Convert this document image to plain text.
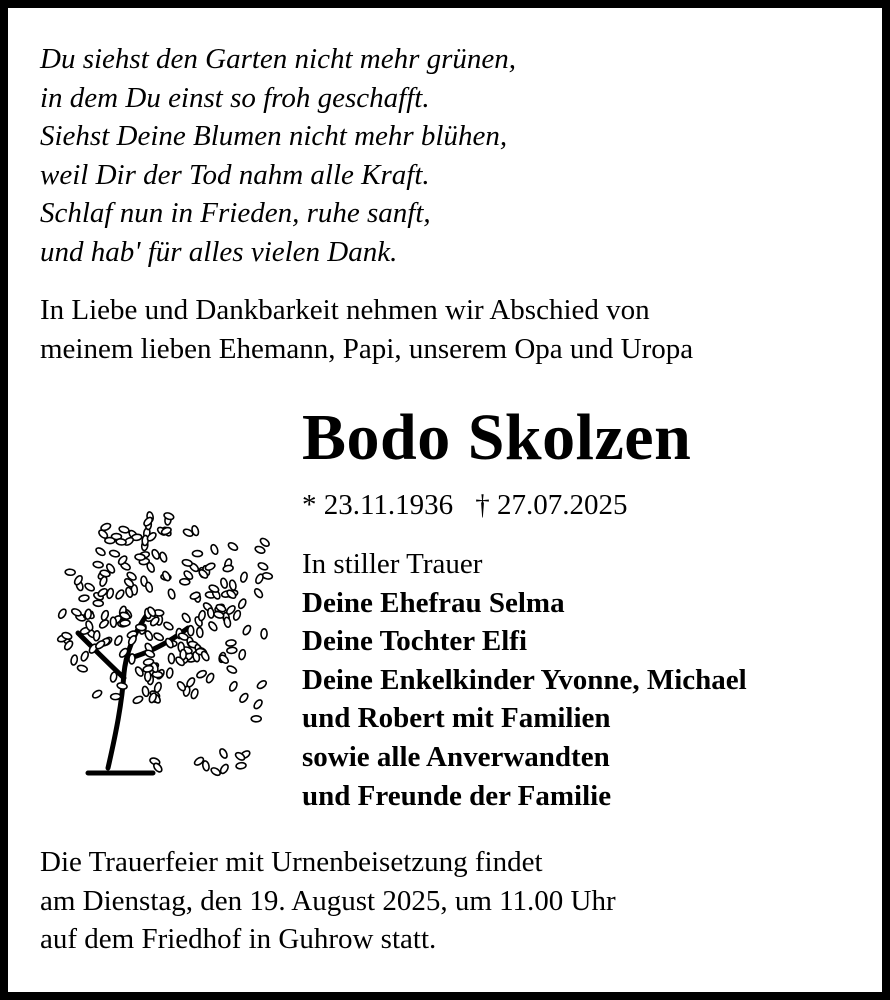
Du siehst den Garten nicht mehr grünen,
in dem Du einst so froh geschafft.
Siehst Deine Blumen nicht mehr blühen,
weil Dir der Tod nahm alle Kraft.
Schlaf nun in Frieden, ruhe sanft,
und hab' für alles vielen Dank.
In Liebe und Dankbarkeit nehmen wir Abschied von
meinem lieben Ehemann, Papi, unserem Opa und Uropa
Bodo Skolzen
* 23.11.1936 † 27.07.2025
In stiller Trauer
Deine Ehefrau Selma
Deine Tochter Elfi
Deine Enkelkinder Yvonne, Michael
und Robert mit Familien
sowie alle Anverwandten
und Freunde der Familie
Die Trauerfeier mit Urnenbeisetzung findet
am Dienstag, den 19. August 2025, um 11.00 Uhr
auf dem Friedhof in Guhrow statt.
